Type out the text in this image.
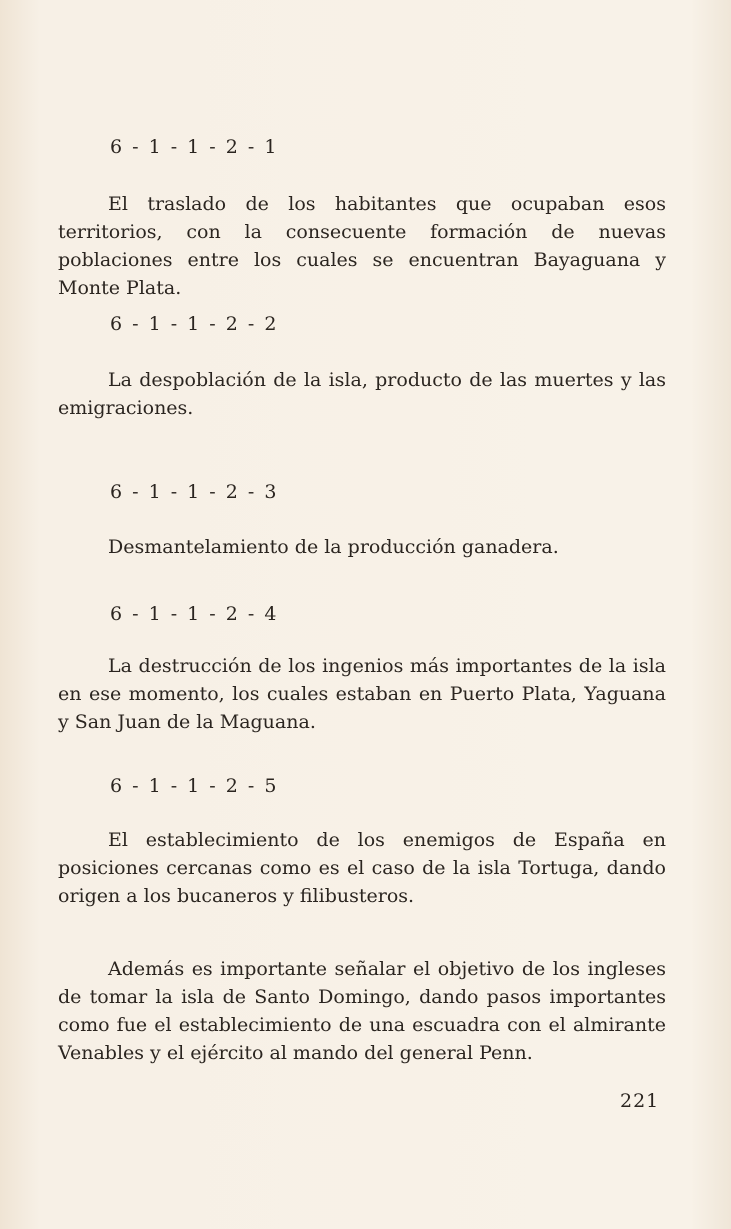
6 - 1 - 1 - 2 - 1
El traslado de los habitantes que ocupaban esos territorios, con la consecuente formación de nuevas poblaciones entre los cuales se encuentran Bayaguana y Monte Plata.
6 - 1 - 1 - 2 - 2
La despoblación de la isla, producto de las muertes y las emigraciones.
6 - 1 - 1 - 2 - 3
Desmantelamiento de la producción ganadera.
6 - 1 - 1 - 2 - 4
La destrucción de los ingenios más importantes de la isla en ese momento, los cuales estaban en Puerto Plata, Yaguana y San Juan de la Maguana.
6 - 1 - 1 - 2 - 5
El establecimiento de los enemigos de España en posiciones cercanas como es el caso de la isla Tortuga, dando origen a los bucaneros y filibusteros.
Además es importante señalar el objetivo de los ingleses de tomar la isla de Santo Domingo, dando pasos importantes como fue el establecimiento de una escuadra con el almirante Venables y el ejército al mando del general Penn.
221
